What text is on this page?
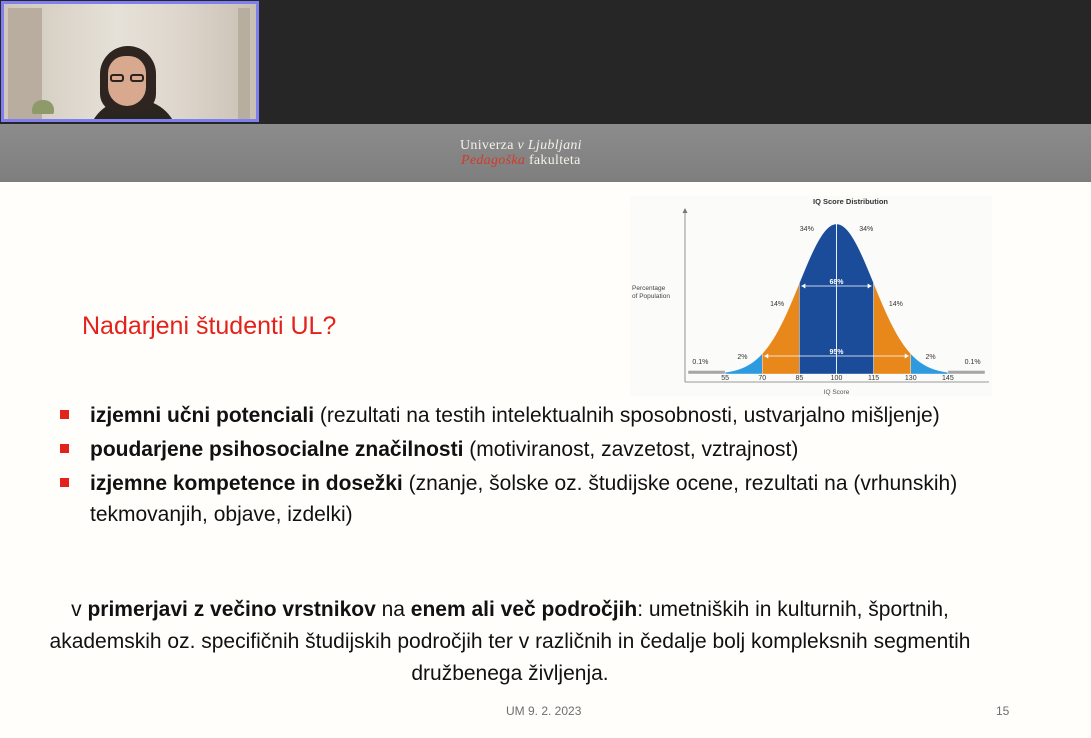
Univerza v Ljubljani
Pedagoška fakulteta
Nadarjeni študenti UL?
IQ Score Distribution
0.1%
2%
14%
34%	34%
14%
2%
0.1%
68%
95%
Percentage
of Population
55	70	85	100	115	130	145
IQ Score
izjemni učni potenciali (rezultati na testih intelektualnih sposobnosti, ustvarjalno mišljenje)
poudarjene psihosocialne značilnosti (motiviranost, zavzetost, vztrajnost)
izjemne kompetence in dosežki (znanje, šolske oz. študijske ocene, rezultati na (vrhunskih) tekmovanjih, objave, izdelki)
v primerjavi z večino vrstnikov na enem ali več področjih: umetniških in kulturnih, športnih, akademskih oz. specifičnih študijskih področjih ter v različnih in čedalje bolj kompleksnih segmentih družbenega življenja.
UM 9. 2. 2023	15
